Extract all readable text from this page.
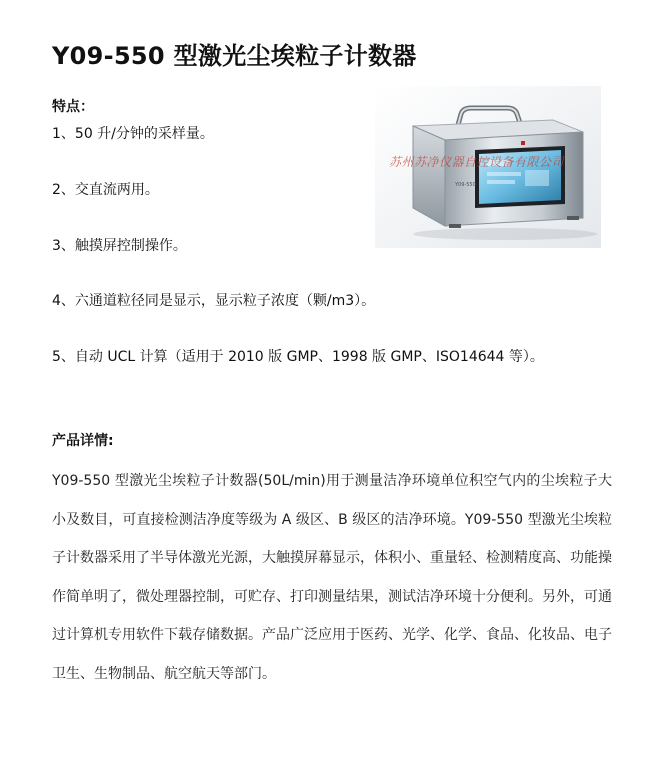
Y09-550 型激光尘埃粒子计数器
特点：
1、50 升/分钟的采样量。
2、交直流两用。
3、触摸屏控制操作。
4、六通道粒径同是显示，显示粒子浓度（颗/m3）。
5、自动 UCL 计算（适用于 2010 版 GMP、1998 版 GMP、ISO14644 等）。
Y09-550
苏州苏净仪器自控设备有限公司
产品详情:
Y09-550 型激光尘埃粒子计数器(50L/min)用于测量洁净环境单位积空气内的尘埃粒子大小及数目，可直接检测洁净度等级为 A 级区、B 级区的洁净环境。Y09-550 型激光尘埃粒子计数器采用了半导体激光光源，大触摸屏幕显示，体积小、重量轻、检测精度高、功能操 作简单明了，微处理器控制，可贮存、打印测量结果，测试洁净环境十分便利。另外，可通 过计算机专用软件下载存储数据。产品广泛应用于医药、光学、化学、食品、化妆品、电子 卫生、生物制品、航空航天等部门。
